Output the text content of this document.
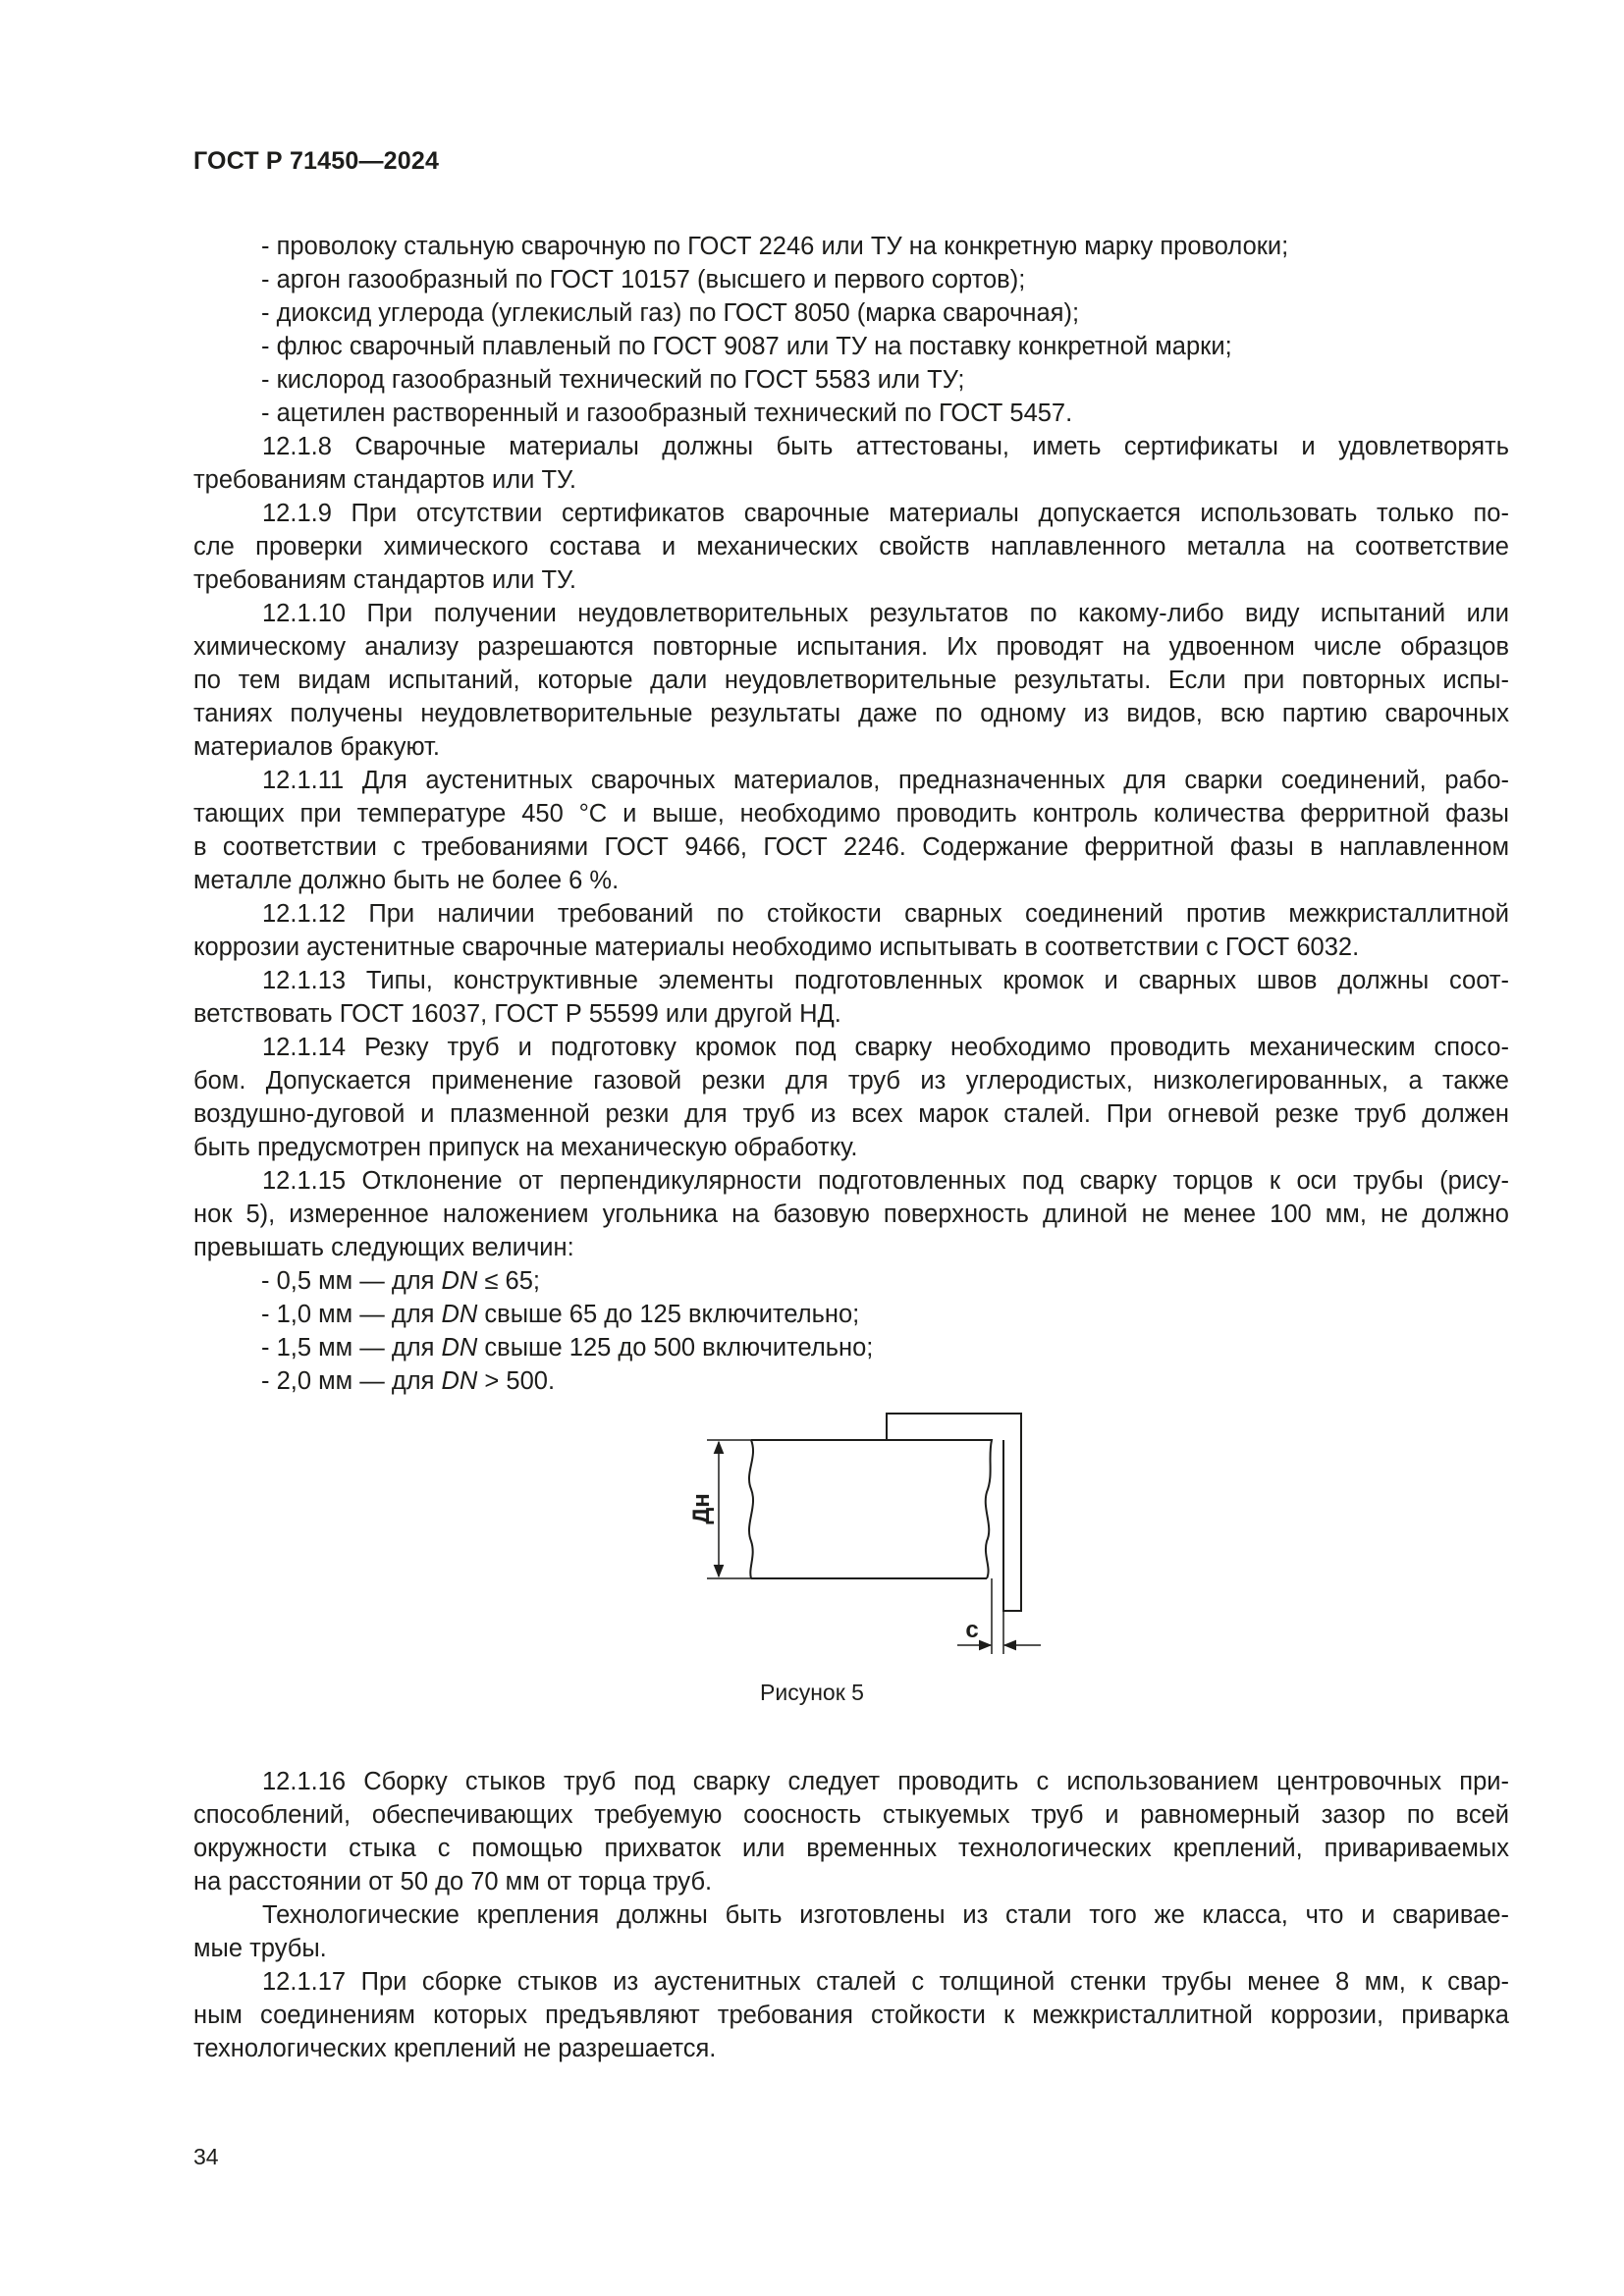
ГОСТ Р 71450—2024
- проволоку стальную сварочную по ГОСТ 2246 или ТУ на конкретную марку проволоки;
- аргон газообразный по ГОСТ 10157 (высшего и первого сортов);
- диоксид углерода (углекислый газ) по ГОСТ 8050 (марка сварочная);
- флюс сварочный плавленый по ГОСТ 9087 или ТУ на поставку конкретной марки;
- кислород газообразный технический по ГОСТ 5583 или ТУ;
- ацетилен растворенный и газообразный технический по ГОСТ 5457.
12.1.8 Сварочные материалы должны быть аттестованы, иметь сертификаты и удовлетворять
требованиям стандартов или ТУ.
12.1.9 При отсутствии сертификатов сварочные материалы допускается использовать только по-
сле проверки химического состава и механических свойств наплавленного металла на соответствие
требованиям стандартов или ТУ.
12.1.10 При получении неудовлетворительных результатов по какому-либо виду испытаний или
химическому анализу разрешаются повторные испытания. Их проводят на удвоенном числе образцов
по тем видам испытаний, которые дали неудовлетворительные результаты. Если при повторных испы-
таниях получены неудовлетворительные результаты даже по одному из видов, всю партию сварочных
материалов бракуют.
12.1.11 Для аустенитных сварочных материалов, предназначенных для сварки соединений, рабо-
тающих при температуре 450 °С и выше, необходимо проводить контроль количества ферритной фазы
в соответствии с требованиями ГОСТ 9466, ГОСТ 2246. Содержание ферритной фазы в наплавленном
металле должно быть не более 6 %.
12.1.12 При наличии требований по стойкости сварных соединений против межкристаллитной
коррозии аустенитные сварочные материалы необходимо испытывать в соответствии с ГОСТ 6032.
12.1.13 Типы, конструктивные элементы подготовленных кромок и сварных швов должны соот-
ветствовать ГОСТ 16037, ГОСТ Р 55599 или другой НД.
12.1.14 Резку труб и подготовку кромок под сварку необходимо проводить механическим спосо-
бом. Допускается применение газовой резки для труб из углеродистых, низколегированных, а также
воздушно-дуговой и плазменной резки для труб из всех марок сталей. При огневой резке труб должен
быть предусмотрен припуск на механическую обработку.
12.1.15 Отклонение от перпендикулярности подготовленных под сварку торцов к оси трубы (рису-
нок 5), измеренное наложением угольника на базовую поверхность длиной не менее 100 мм, не должно
превышать следующих величин:
- 0,5 мм — для DN ≤ 65;
- 1,0 мм — для DN свыше 65 до 125 включительно;
- 1,5 мм — для DN свыше 125 до 500 включительно;
- 2,0 мм — для DN > 500.
Дн
c
Рисунок 5
12.1.16 Сборку стыков труб под сварку следует проводить с использованием центровочных при-
способлений, обеспечивающих требуемую соосность стыкуемых труб и равномерный зазор по всей
окружности стыка с помощью прихваток или временных технологических креплений, привариваемых
на расстоянии от 50 до 70 мм от торца труб.
Технологические крепления должны быть изготовлены из стали того же класса, что и сваривае-
мые трубы.
12.1.17 При сборке стыков из аустенитных сталей с толщиной стенки трубы менее 8 мм, к свар-
ным соединениям которых предъявляют требования стойкости к межкристаллитной коррозии, приварка
технологических креплений не разрешается.
34
